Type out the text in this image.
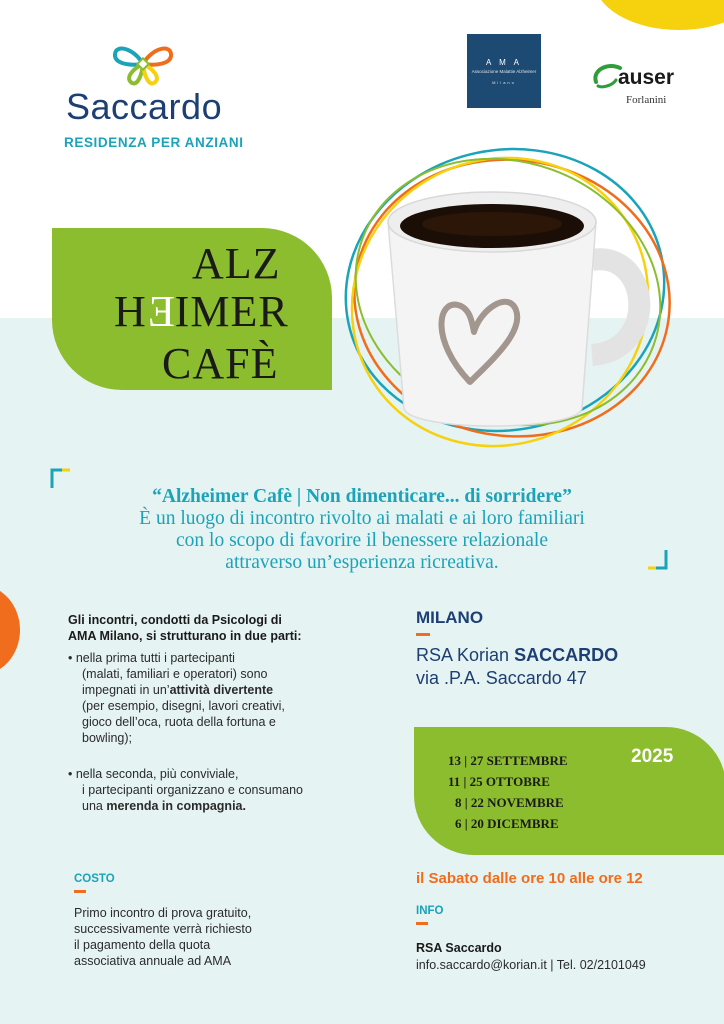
Saccardo
RESIDENZA PER ANZIANI
A M A
Associazione Malattie Alzheimer
Milano	auser
Forlanini
ALZ
HEIMER
CAFÈ
“Alzheimer Cafè | Non dimenticare... di sorridere”
È un luogo di incontro rivolto ai malati e ai loro familiari
con lo scopo di favorire il benessere relazionale
attraverso un’esperienza ricreativa.
Gli incontri, condotti da Psicologi di
AMA Milano, si strutturano in due parti:
• nella prima tutti i partecipanti
(malati, familiari e operatori) sono
impegnati in un’attività divertente
(per esempio, disegni, lavori creativi,
gioco dell’oca, ruota della fortuna e
bowling);
• nella seconda, più conviviale,
i partecipanti organizzano e consumano
una merenda in compagnia.
COSTO
Primo incontro di prova gratuito,
successivamente verrà richiesto
il pagamento della quota
associativa annuale ad AMA
MILANO
RSA Korian SACCARDO
via .P.A. Saccardo 47
2025
13 | 27 SETTEMBRE
11 | 25 OTTOBRE
8 | 22 NOVEMBRE
6 | 20 DICEMBRE
il Sabato dalle ore 10 alle ore 12
INFO
RSA Saccardo
info.saccardo@korian.it | Tel. 02/2101049
